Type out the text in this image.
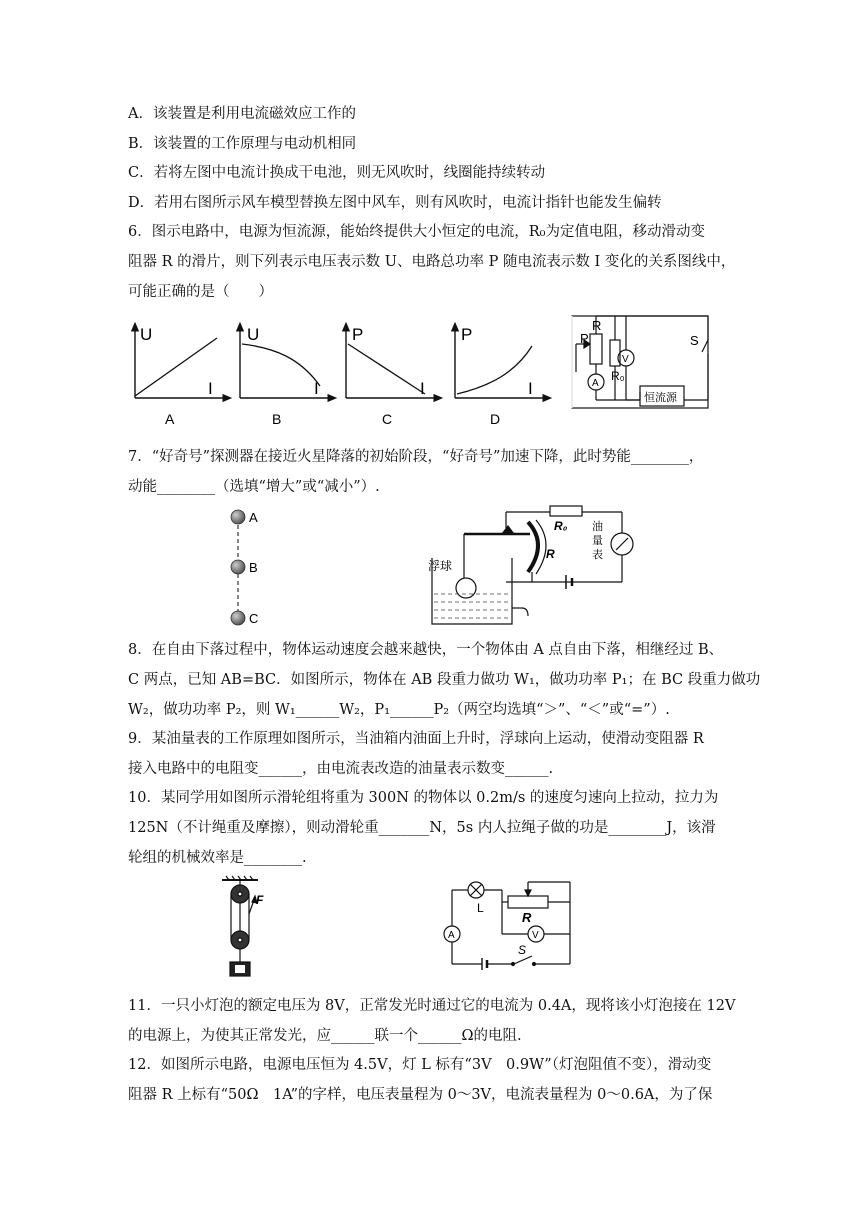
A．该装置是利用电流磁效应工作的
B．该装置的工作原理与电动机相同
C．若将左图中电流计换成干电池，则无风吹时，线圈能持续转动
D．若用右图所示风车模型替换左图中风车，则有风吹时，电流计指针也能发生偏转
6．图示电路中，电源为恒流源，能始终提供大小恒定的电流，R₀为定值电阻，移动滑动变
阻器 R 的滑片，则下列表示电压表示数 U、电路总功率 P 随电流表示数 I 变化的关系图线中，
可能正确的是（　　）
U
I
A
U
I
B
P
I
C
P
I
D
P
R
R₀
V
A
S
恒流源
7．“好奇号”探测器在接近火星降落的初始阶段，“好奇号”加速下降，此时势能________，
动能________（选填“增大”或“减小”）.
A
B
C
浮球
R₀
R
油
量
表
8．在自由下落过程中，物体运动速度会越来越快，一个物体由 A 点自由下落，相继经过 B、
C 两点，已知 AB=BC．如图所示，物体在 AB 段重力做功 W₁，做功功率 P₁；在 BC 段重力做功
W₂，做功功率 P₂，则 W₁______W₂，P₁______P₂（两空均选填“＞”、“＜”或“=”）.
9．某油量表的工作原理如图所示，当油箱内油面上升时，浮球向上运动，使滑动变阻器 R
接入电路中的电阻变______，由电流表改造的油量表示数变______.
10．某同学用如图所示滑轮组将重为 300N 的物体以 0.2m/s 的速度匀速向上拉动，拉力为
125N（不计绳重及摩擦），则动滑轮重_______N，5s 内人拉绳子做的功是________J，该滑
轮组的机械效率是________.
F
L
R
A	V
S
11．一只小灯泡的额定电压为 8V，正常发光时通过它的电流为 0.4A，现将该小灯泡接在 12V
的电源上，为使其正常发光，应______联一个______Ω的电阻.
12．如图所示电路，电源电压恒为 4.5V，灯 L 标有“3V　0.9W”（灯泡阻值不变），滑动变
阻器 R 上标有“50Ω　1A”的字样，电压表量程为 0～3V，电流表量程为 0～0.6A，为了保
